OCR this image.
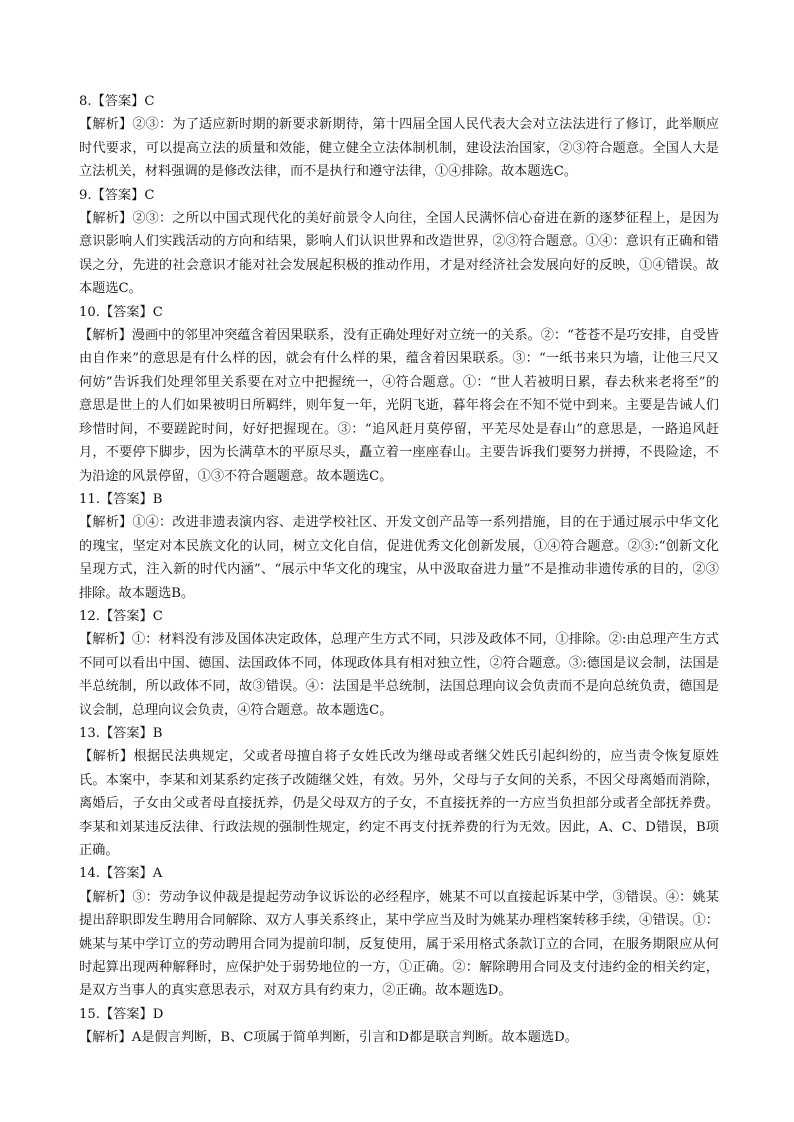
8.【答案】C

【解析】②③：为了适应新时期的新要求新期待，第十四届全国人民代表大会对立法法进行了修订，此举顺应时代要求，可以提高立法的质量和效能，健立健全立法体制机制，建设法治国家，②③符合题意。全国人大是立法机关，材料强调的是修改法律，而不是执行和遵守法律，①④排除。故本题选C。

9.【答案】C

【解析】②③：之所以中国式现代化的美好前景令人向往，全国人民满怀信心奋进在新的逐梦征程上，是因为意识影响人们实践活动的方向和结果，影响人们认识世界和改造世界，②③符合题意。①④：意识有正确和错误之分，先进的社会意识才能对社会发展起积极的推动作用，才是对经济社会发展向好的反映，①④错误。故本题选C。

10.【答案】C

【解析】漫画中的邻里冲突蕴含着因果联系，没有正确处理好对立统一的关系。②：“苍苍不是巧安排，自受皆由自作来”的意思是有什么样的因，就会有什么样的果，蕴含着因果联系。③：“一纸书来只为墙，让他三尺又何妨”告诉我们处理邻里关系要在对立中把握统一，④符合题意。①：“世人若被明日累，春去秋来老将至”的意思是世上的人们如果被明日所羁绊，则年复一年，光阴飞逝，暮年将会在不知不觉中到来。主要是告诫人们珍惜时间，不要蹉跎时间，好好把握现在。③：“追风赶月莫停留，平芜尽处是春山”的意思是，一路追风赶月，不要停下脚步，因为长满草木的平原尽头，矗立着一座座春山。主要告诉我们要努力拼搏，不畏险途，不为沿途的风景停留，①③不符合题题意。故本题选C。

11.【答案】B

【解析】①④：改进非遗表演内容、走进学校社区、开发文创产品等一系列措施，目的在于通过展示中华文化的瑰宝，坚定对本民族文化的认同，树立文化自信，促进优秀文化创新发展，①④符合题意。②③:“创新文化呈现方式，注入新的时代内涵”、“展示中华文化的瑰宝，从中汲取奋进力量”不是推动非遗传承的目的，②③排除。故本题选B。

12.【答案】C

【解析】①：材料没有涉及国体决定政体，总理产生方式不同，只涉及政体不同，①排除。②:由总理产生方式不同可以看出中国、德国、法国政体不同，体现政体具有相对独立性，②符合题意。③:德国是议会制，法国是半总统制，所以政体不同，故③错误。④：法国是半总统制，法国总理向议会负责而不是向总统负责，德国是议会制，总理向议会负责，④符合题意。故本题选C。

13.【答案】B

【解析】根据民法典规定，父或者母擅自将子女姓氏改为继母或者继父姓氏引起纠纷的，应当责令恢复原姓氏。本案中，李某和刘某系约定孩子改随继父姓，有效。另外，父母与子女间的关系，不因父母离婚而消除，离婚后，子女由父或者母直接抚养，仍是父母双方的子女，不直接抚养的一方应当负担部分或者全部抚养费。李某和刘某违反法律、行政法规的强制性规定，约定不再支付抚养费的行为无效。因此，A、C、D错误，B项正确。

14.【答案】A

【解析】③：劳动争议仲裁是提起劳动争议诉讼的必经程序，姚某不可以直接起诉某中学，③错误。④：姚某提出辞职即发生聘用合同解除、双方人事关系终止，某中学应当及时为姚某办理档案转移手续，④错误。①：姚某与某中学订立的劳动聘用合同为提前印制，反复使用，属于采用格式条款订立的合同，在服务期限应从何时起算出现两种解释时，应保护处于弱势地位的一方，①正确。②：解除聘用合同及支付违约金的相关约定，是双方当事人的真实意思表示，对双方具有约束力，②正确。故本题选D。

15.【答案】D

【解析】A是假言判断，B、C项属于简单判断，引言和D都是联言判断。故本题选D。
